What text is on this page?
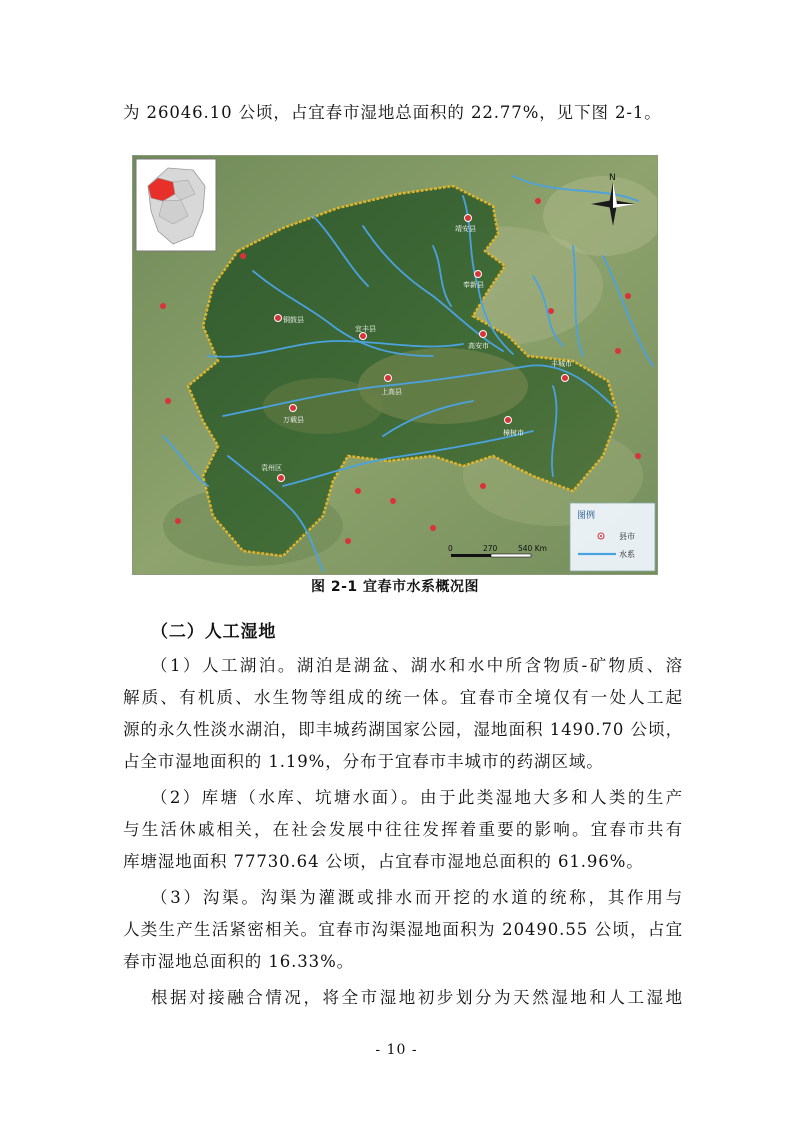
为 26046.10 公顷，占宜春市湿地总面积的 22.77%，见下图 2-1。
N
靖安县
奉新县
铜鼓县
宜丰县
高安市
万载县
上高县
丰城市
樟树市
袁州区
0	270	540 Km
图例
县市
水系
图 2-1 宜春市水系概况图
（二）人工湿地
（1）人工湖泊。湖泊是湖盆、湖水和水中所含物质-矿物质、溶
解质、有机质、水生物等组成的统一体。宜春市全境仅有一处人工起
源的永久性淡水湖泊，即丰城药湖国家公园，湿地面积 1490.70 公顷，
占全市湿地面积的 1.19%，分布于宜春市丰城市的药湖区域。
（2）库塘（水库、坑塘水面）。由于此类湿地大多和人类的生产
与生活休戚相关，在社会发展中往往发挥着重要的影响。宜春市共有
库塘湿地面积 77730.64 公顷，占宜春市湿地总面积的 61.96%。
（3）沟渠。沟渠为灌溉或排水而开挖的水道的统称，其作用与
人类生产生活紧密相关。宜春市沟渠湿地面积为 20490.55 公顷，占宜
春市湿地总面积的 16.33%。
根据对接融合情况，将全市湿地初步划分为天然湿地和人工湿地
- 10 -
